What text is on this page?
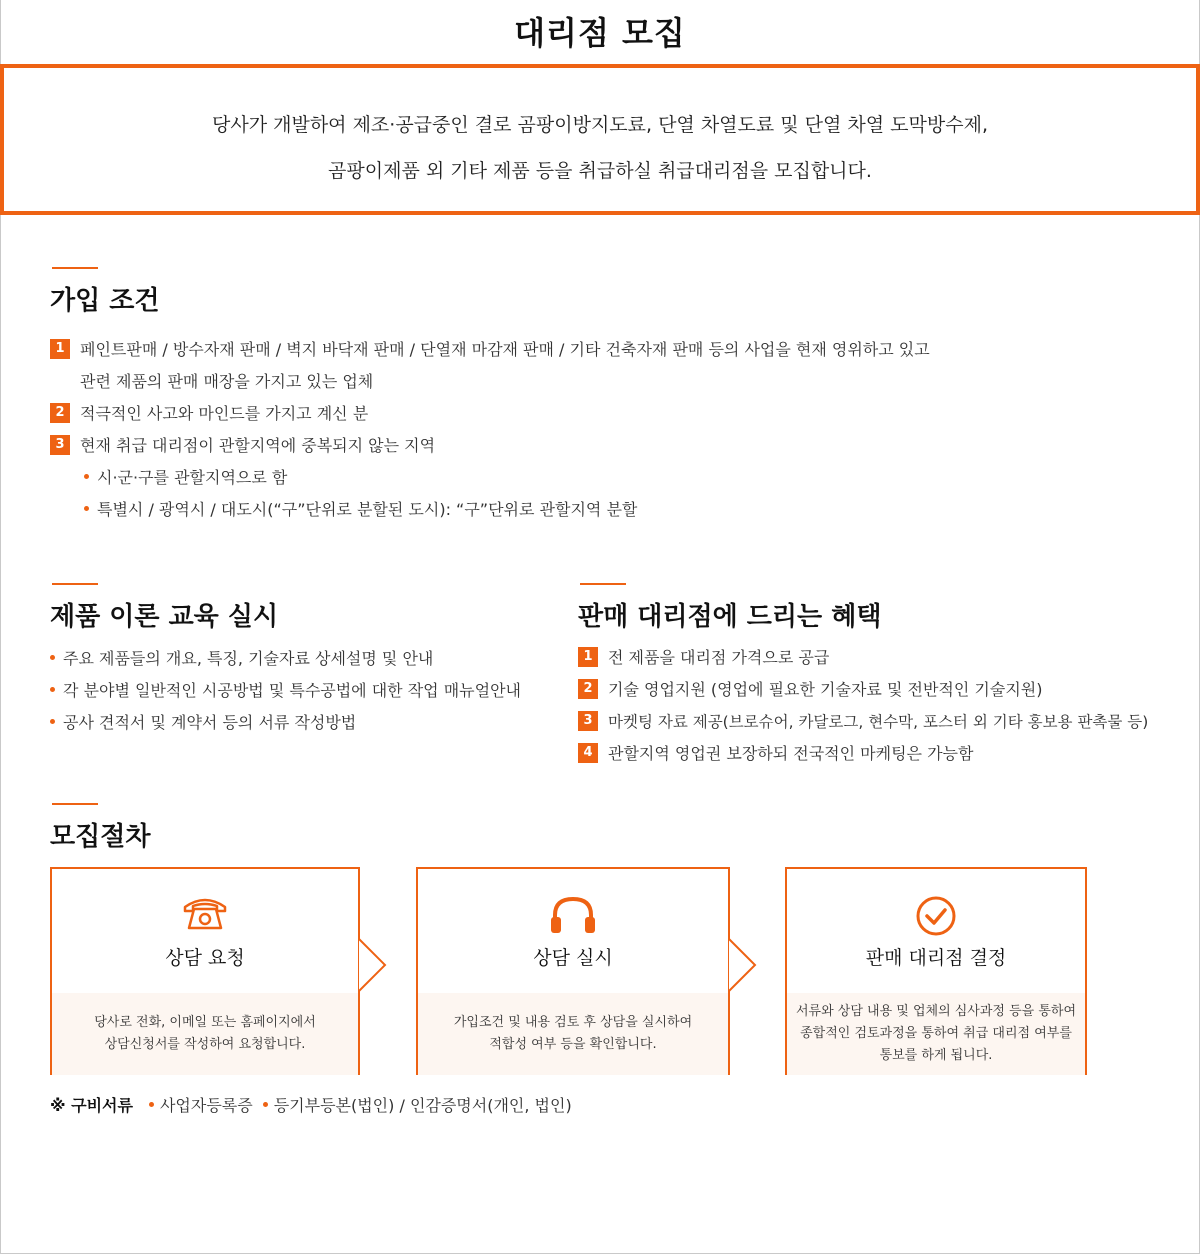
대리점 모집

당사가 개발하여 제조·공급중인 결로 곰팡이방지도료, 단열 차열도료 및 단열 차열 도막방수제,

곰팡이제품 외 기타 제품 등을 취급하실 취급대리점을 모집합니다.

가입 조건
1 페인트판매 / 방수자재 판매 / 벽지 바닥재 판매 / 단열재 마감재 판매 / 기타 건축자재 판매 등의 사업을 현재 영위하고 있고
관련 제품의 판매 매장을 가지고 있는 업체
2 적극적인 사고와 마인드를 가지고 계신 분
3 현재 취급 대리점이 관할지역에 중복되지 않는 지역
시·군·구를 관할지역으로 함
특별시 / 광역시 / 대도시(“구”단위로 분할된 도시): “구”단위로 관할지역 분할
제품 이론 교육 실시
주요 제품들의 개요, 특징, 기술자료 상세설명 및 안내
각 분야별 일반적인 시공방법 및 특수공법에 대한 작업 매뉴얼안내
공사 견적서 및 계약서 등의 서류 작성방법
판매 대리점에 드리는 혜택
1 전 제품을 대리점 가격으로 공급
2 기술 영업지원 (영업에 필요한 기술자료 및 전반적인 기술지원)
3 마켓팅 자료 제공(브로슈어, 카달로그, 현수막, 포스터 외 기타 홍보용 판촉물 등)
4 관할지역 영업권 보장하되 전국적인 마케팅은 가능함
모집절차
상담 요청

당사로 전화, 이메일 또는 홈페이지에서
상담신청서를 작성하여 요청합니다.

상담 실시

가입조건 및 내용 검토 후 상담을 실시하여
적합성 여부 등을 확인합니다.

판매 대리점 결정

서류와 상담 내용 및 업체의 심사과정 등을 통하여
종합적인 검토과정을 통하여 취급 대리점 여부를
통보를 하게 됩니다.

※ 구비서류 사업자등록증 등기부등본(법인) / 인감증명서(개인, 법인)
